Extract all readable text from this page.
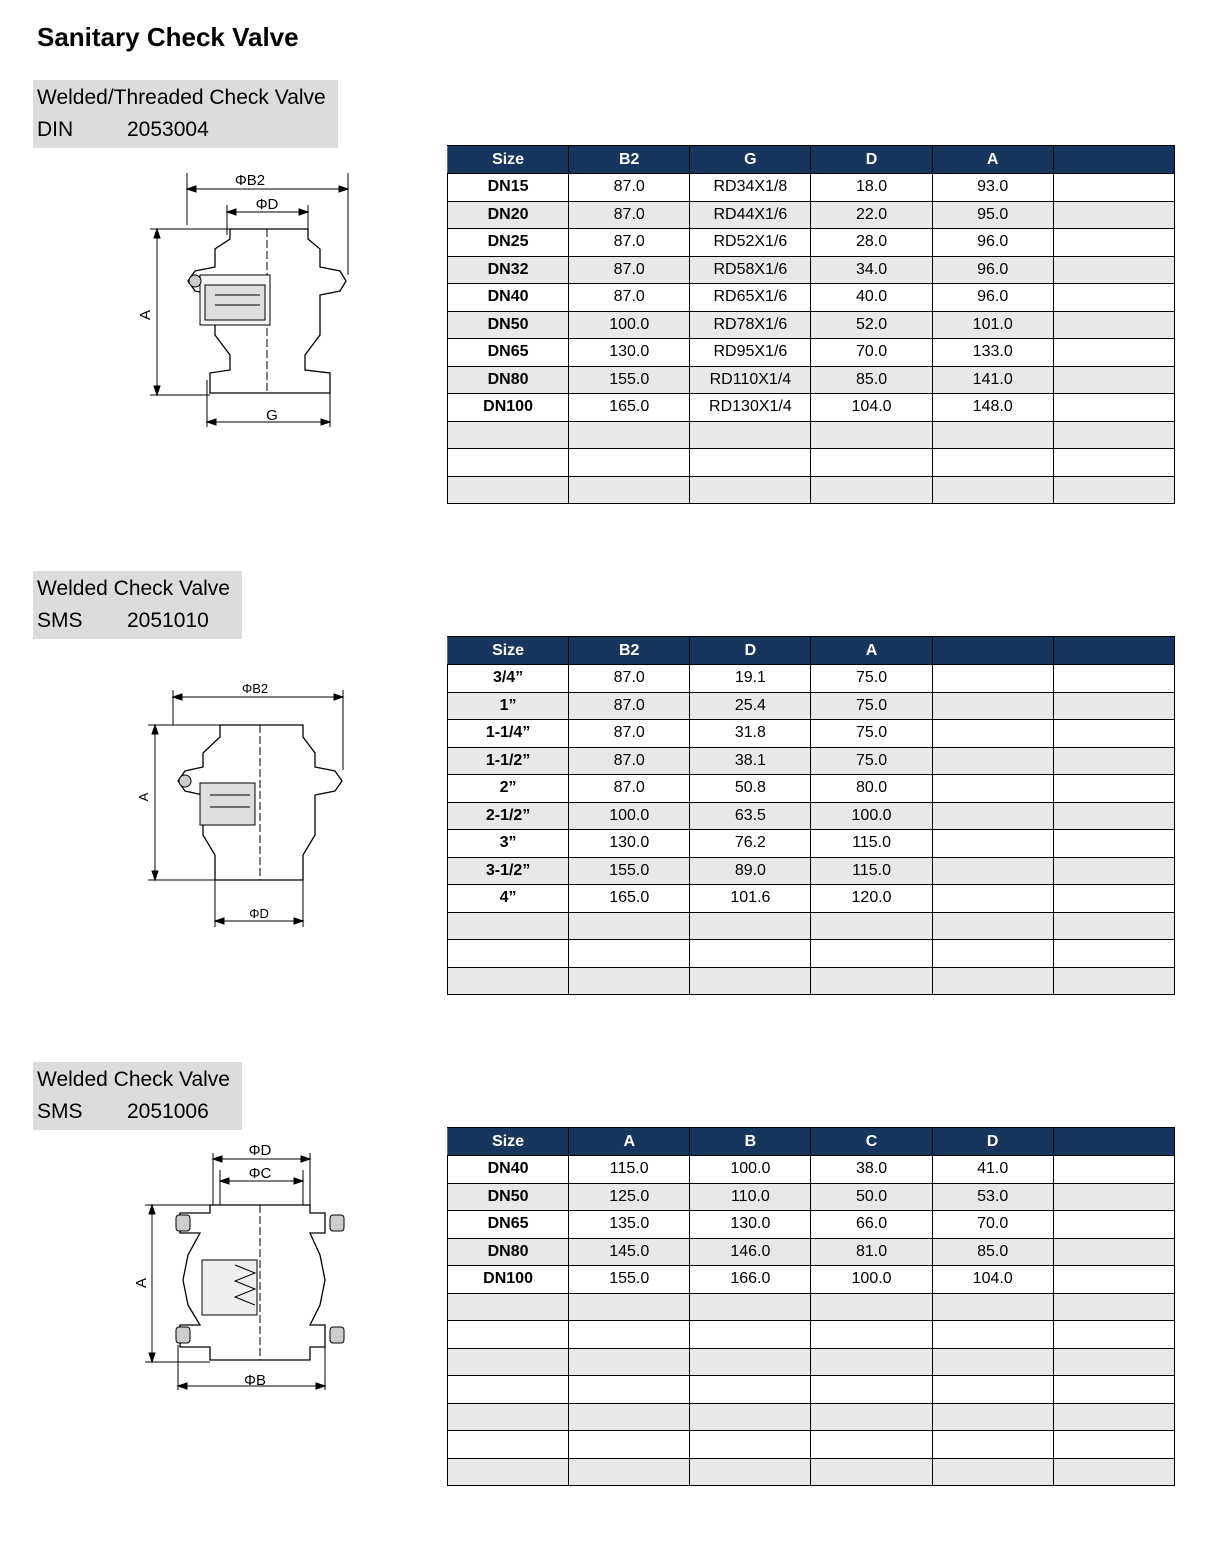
Sanitary Check Valve
Welded/Threaded Check Valve
DIN	2053004
ΦB2
ΦD
A
G
Size	B2	G	D	A	
DN15	87.0	RD34X1/8	18.0	93.0	
DN20	87.0	RD44X1/6	22.0	95.0	
DN25	87.0	RD52X1/6	28.0	96.0	
DN32	87.0	RD58X1/6	34.0	96.0	
DN40	87.0	RD65X1/6	40.0	96.0	
DN50	100.0	RD78X1/6	52.0	101.0	
DN65	130.0	RD95X1/6	70.0	133.0	
DN80	155.0	RD110X1/4	85.0	141.0	
DN100	165.0	RD130X1/4	104.0	148.0	

Welded Check Valve
SMS 2051010
ΦB2
A
ΦD
Size	B2	D	A		
3/4”	87.0	19.1	75.0		
1”	87.0	25.4	75.0		
1-1/4”	87.0	31.8	75.0		
1-1/2”	87.0	38.1	75.0		
2”	87.0	50.8	80.0		
2-1/2”	100.0	63.5	100.0		
3”	130.0	76.2	115.0		
3-1/2”	155.0	89.0	115.0		
4”	165.0	101.6	120.0		

Welded Check Valve
SMS 2051006
ΦD
ΦC
A
ΦB
Size	A	B	C	D	
DN40	115.0	100.0	38.0	41.0	
DN50	125.0	110.0	50.0	53.0	
DN65	135.0	130.0	66.0	70.0	
DN80	145.0	146.0	81.0	85.0	
DN100	155.0	166.0	100.0	104.0	
